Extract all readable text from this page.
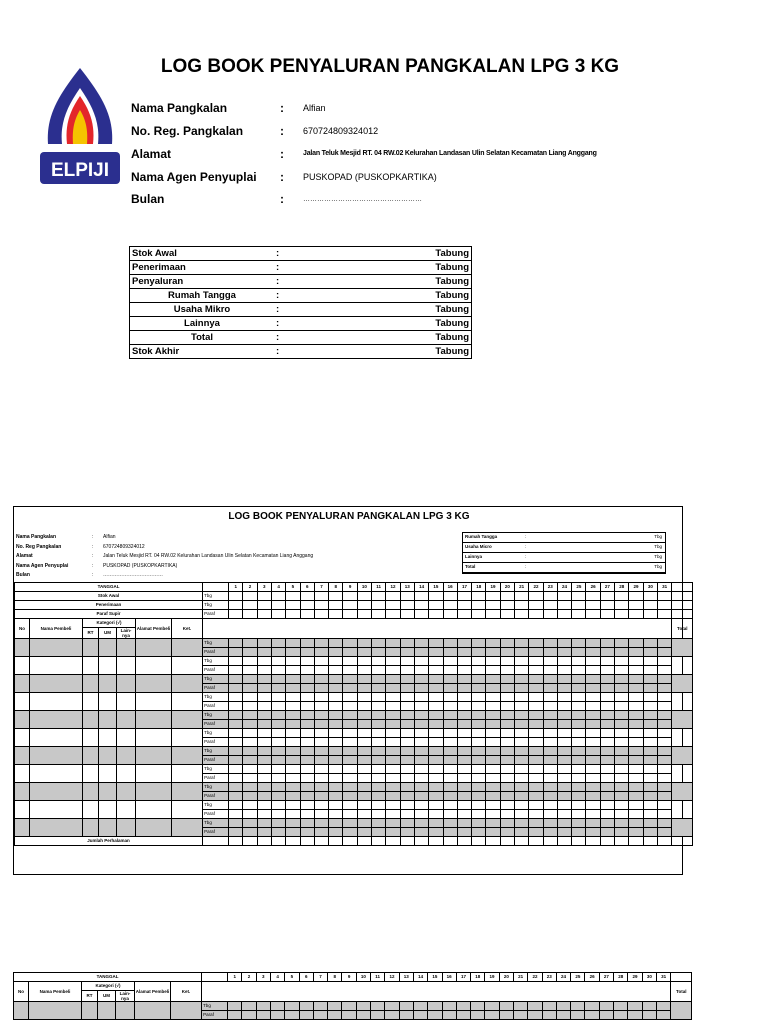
LOG BOOK PENYALURAN PANGKALAN LPG 3 KG
ELPIJI
Nama Pangkalan	: Alfian
No. Reg. Pangkalan	: 670724809324012
Alamat	:	Jalan Teluk Mesjid RT. 04 RW.02 Kelurahan Landasan Ulin Selatan Kecamatan Liang Anggang
Nama Agen Penyuplai : PUSKOPAD (PUSKOPKARTIKA)
Bulan	:	……………………………………………
Stok Awal	:	Tabung
Penerimaan	:	Tabung
Penyaluran	:	Tabung
Rumah Tangga	:	Tabung
Usaha Mikro	:	Tabung
Lainnya	:	Tabung
Total	:	Tabung
Stok Akhir	:	Tabung
LOG BOOK PENYALURAN PANGKALAN LPG 3 KG
Nama Pangkalan	: Alfian
No. Reg Pangkalan	: 670724809324012
Alamat	: Jalan Teluk Mesjid RT. 04 RW.02 Kelurahan Landasan Ulin Selatan Kecamatan Liang Anggang
Nama Agen Penyuplai	: PUSKOPAD (PUSKOPKARTIKA)
Bulan	: ………………………………
Rumah Tangga	:	Tbg
Usaha Micro	:	Tbg
Lainnya	:	Tbg
Total	:	Tbg
TANGGAL								1	2	3	4	5	6	7	8	9	10	11	12	13	14	15	16	17	18	19	20	21	22	23	24	25	26	27	28	29	30	31	
Stok Awal							Tbg																																
Penerimaan							Tbg																																
Paraf Supir							Paraf																																
No	Nama Pembeli	Kategori (√)			Alamat Pembeli	Ket.																																	Total
		RT	UM	Lain-nya																																			
							Tbg																																
							Paraf																																
							Tbg																																
							Paraf																																
							Tbg																																
							Paraf																																
							Tbg																																
							Paraf																																
							Tbg																																
							Paraf																																
							Tbg																																
							Paraf																																
							Tbg																																
							Paraf																																
							Tbg																																
							Paraf																																
							Tbg																																
							Paraf																																
							Tbg																																
							Paraf																																
							Tbg																																
							Paraf																																
Jumlah Perhalaman																																							
TANGGAL								1	2	3	4	5	6	7	8	9	10	11	12	13	14	15	16	17	18	19	20	21	22	23	24	25	26	27	28	29	30	31	
No	Nama Pembeli	Kategori (√)			Alamat Pembeli	Ket.																																	Total
		RT	UM	Lain-nya																																			
							Tbg																																
							Paraf																																
